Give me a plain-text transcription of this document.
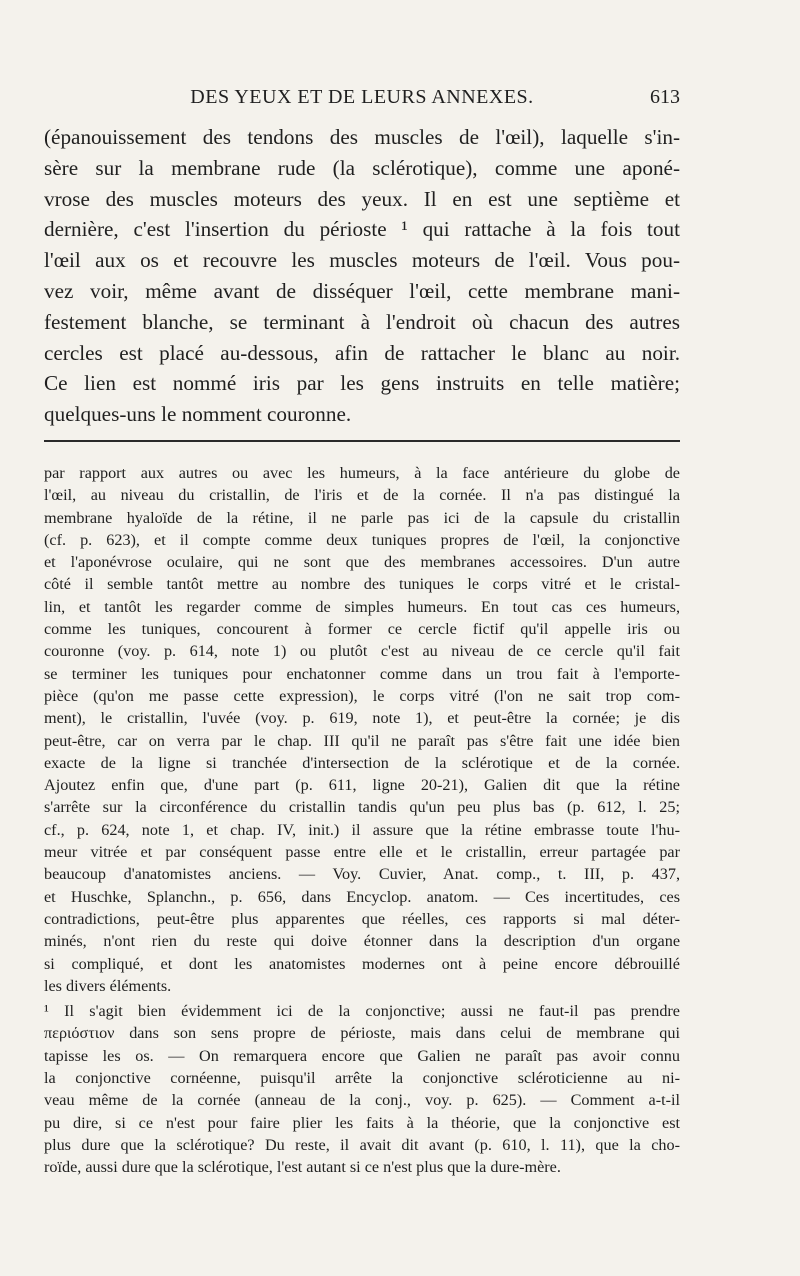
DES YEUX ET DE LEURS ANNEXES.	613
(épanouissement des tendons des muscles de l'œil), laquelle s'in-
sère sur la membrane rude (la sclérotique), comme une aponé-
vrose des muscles moteurs des yeux. Il en est une septième et
dernière, c'est l'insertion du périoste ¹ qui rattache à la fois tout
l'œil aux os et recouvre les muscles moteurs de l'œil. Vous pou-
vez voir, même avant de disséquer l'œil, cette membrane mani-
festement blanche, se terminant à l'endroit où chacun des autres
cercles est placé au-dessous, afin de rattacher le blanc au noir.
Ce lien est nommé iris par les gens instruits en telle matière;
quelques-uns le nomment couronne.
par rapport aux autres ou avec les humeurs, à la face antérieure du globe de
l'œil, au niveau du cristallin, de l'iris et de la cornée. Il n'a pas distingué la
membrane hyaloïde de la rétine, il ne parle pas ici de la capsule du cristallin
(cf. p. 623), et il compte comme deux tuniques propres de l'œil, la conjonctive
et l'aponévrose oculaire, qui ne sont que des membranes accessoires. D'un autre
côté il semble tantôt mettre au nombre des tuniques le corps vitré et le cristal-
lin, et tantôt les regarder comme de simples humeurs. En tout cas ces humeurs,
comme les tuniques, concourent à former ce cercle fictif qu'il appelle iris ou
couronne (voy. p. 614, note 1) ou plutôt c'est au niveau de ce cercle qu'il fait
se terminer les tuniques pour enchatonner comme dans un trou fait à l'emporte-
pièce (qu'on me passe cette expression), le corps vitré (l'on ne sait trop com-
ment), le cristallin, l'uvée (voy. p. 619, note 1), et peut-être la cornée; je dis
peut-être, car on verra par le chap. III qu'il ne paraît pas s'être fait une idée bien
exacte de la ligne si tranchée d'intersection de la sclérotique et de la cornée.
Ajoutez enfin que, d'une part (p. 611, ligne 20-21), Galien dit que la rétine
s'arrête sur la circonférence du cristallin tandis qu'un peu plus bas (p. 612, l. 25;
cf., p. 624, note 1, et chap. IV, init.) il assure que la rétine embrasse toute l'hu-
meur vitrée et par conséquent passe entre elle et le cristallin, erreur partagée par
beaucoup d'anatomistes anciens. — Voy. Cuvier, Anat. comp., t. III, p. 437,
et Huschke, Splanchn., p. 656, dans Encyclop. anatom. — Ces incertitudes, ces
contradictions, peut-être plus apparentes que réelles, ces rapports si mal déter-
minés, n'ont rien du reste qui doive étonner dans la description d'un organe
si compliqué, et dont les anatomistes modernes ont à peine encore débrouillé
les divers éléments.
¹ Il s'agit bien évidemment ici de la conjonctive; aussi ne faut-il pas prendre
περιόστιον dans son sens propre de périoste, mais dans celui de membrane qui
tapisse les os. — On remarquera encore que Galien ne paraît pas avoir connu
la conjonctive cornéenne, puisqu'il arrête la conjonctive scléroticienne au ni-
veau même de la cornée (anneau de la conj., voy. p. 625). — Comment a-t-il
pu dire, si ce n'est pour faire plier les faits à la théorie, que la conjonctive est
plus dure que la sclérotique? Du reste, il avait dit avant (p. 610, l. 11), que la cho-
roïde, aussi dure que la sclérotique, l'est autant si ce n'est plus que la dure-mère.
